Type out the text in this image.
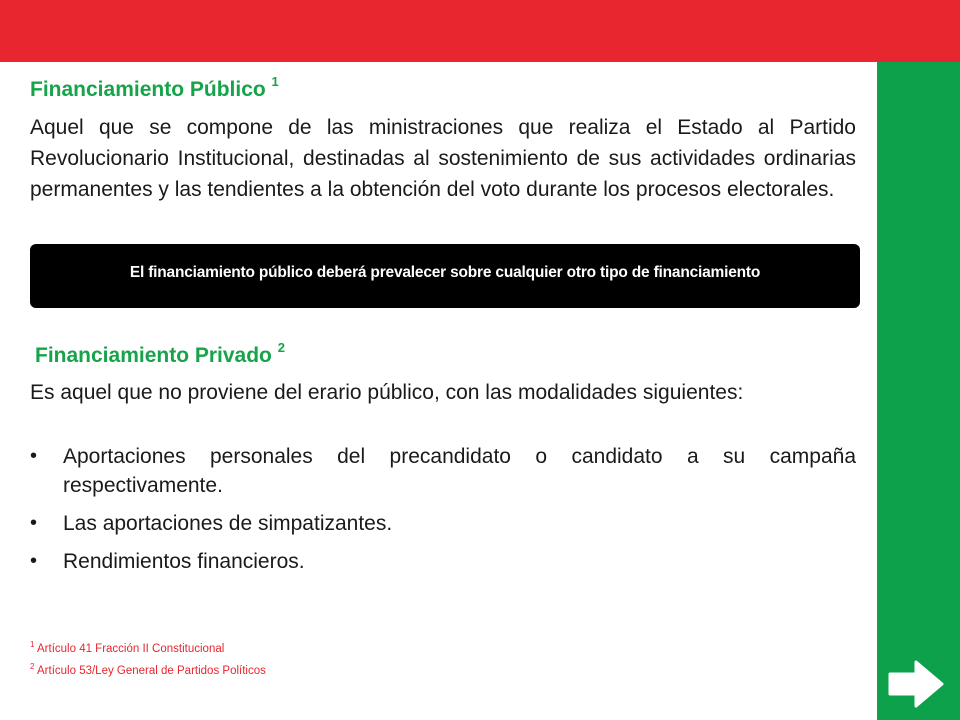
Financiamiento Público $^1$

Aquel que se compone de las ministraciones que realiza el Estado al Partido Revolucionario Institucional, destinadas al sostenimiento de sus actividades ordinarias permanentes y las tendientes a la obtención del voto durante los procesos electorales.

El financiamiento público deberá prevalecer sobre cualquier otro tipo de financiamiento
Financiamiento Privado $^2$

Es aquel que no proviene del erario público, con las modalidades siguientes:

• Aportaciones personales del precandidato o candidato a su campaña respectivamente.
• Las aportaciones de simpatizantes.
• Rendimientos financieros.
$^1$ Artículo 41 Fracción II Constitucional
$^2$ Artículo 53/Ley General de Partidos Políticos
